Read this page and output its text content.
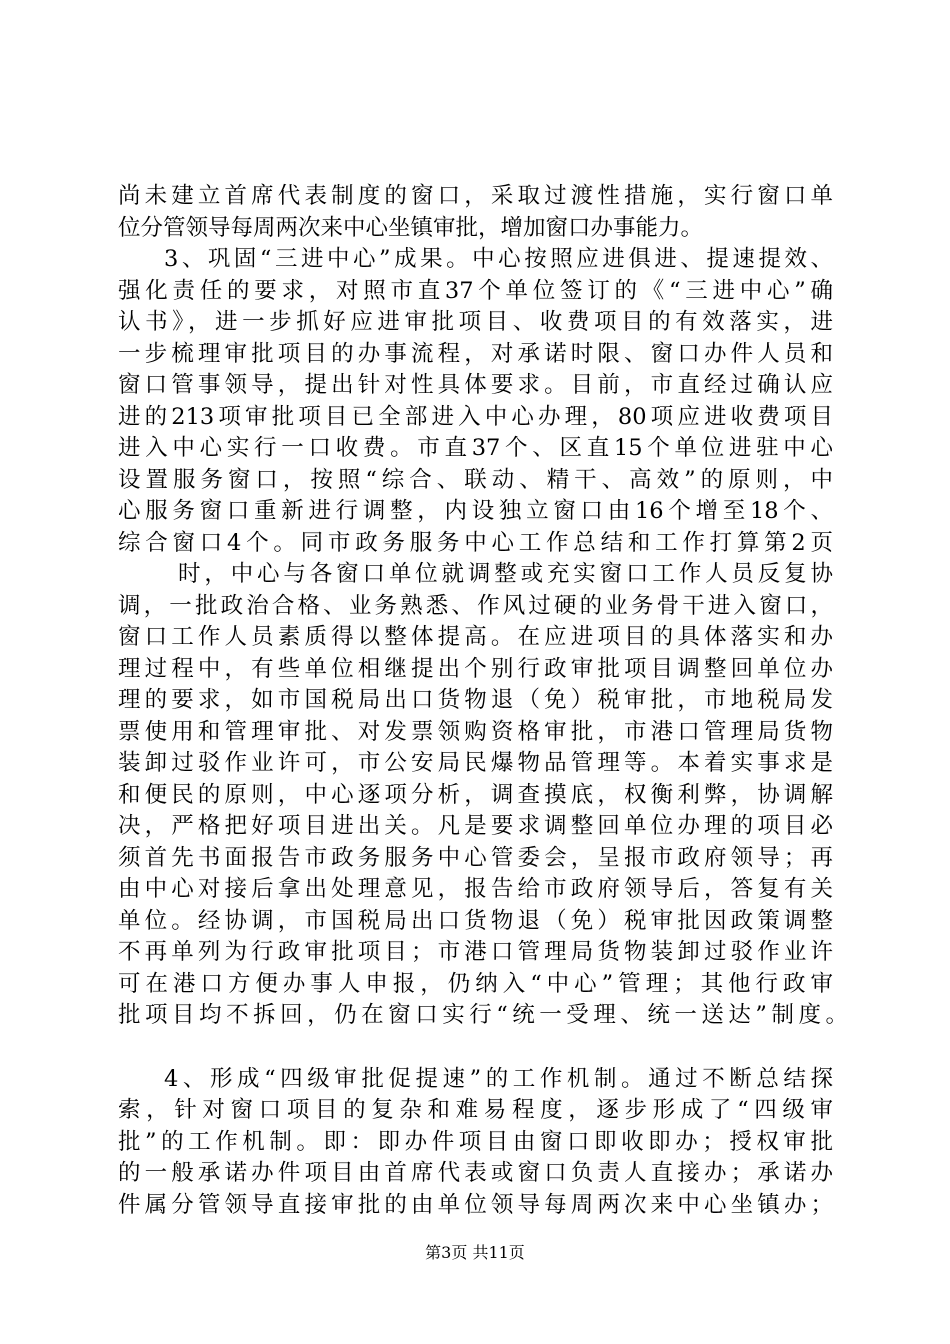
尚未建立首席代表制度的窗口，采取过渡性措施，实行窗口单
位分管领导每周两次来中心坐镇审批，增加窗口办事能力。
3、巩固“三进中心”成果。中心按照应进俱进、提速提效、
强化责任的要求，对照市直37个单位签订的《“三进中心”确
认书》，进一步抓好应进审批项目、收费项目的有效落实，进
一步梳理审批项目的办事流程，对承诺时限、窗口办件人员和
窗口管事领导，提出针对性具体要求。目前，市直经过确认应
进的213项审批项目已全部进入中心办理，80项应进收费项目
进入中心实行一口收费。市直37个、区直15个单位进驻中心
设置服务窗口，按照“综合、联动、精干、高效”的原则，中
心服务窗口重新进行调整，内设独立窗口由16个增至18个、
综合窗口4个。同市政务服务中心工作总结和工作打算第2页
时，中心与各窗口单位就调整或充实窗口工作人员反复协
调，一批政治合格、业务熟悉、作风过硬的业务骨干进入窗口，
窗口工作人员素质得以整体提高。在应进项目的具体落实和办
理过程中，有些单位相继提出个别行政审批项目调整回单位办
理的要求，如市国税局出口货物退（免）税审批，市地税局发
票使用和管理审批、对发票领购资格审批，市港口管理局货物
装卸过驳作业许可，市公安局民爆物品管理等。本着实事求是
和便民的原则，中心逐项分析，调查摸底，权衡利弊，协调解
决，严格把好项目进出关。凡是要求调整回单位办理的项目必
须首先书面报告市政务服务中心管委会，呈报市政府领导；再
由中心对接后拿出处理意见，报告给市政府领导后，答复有关
单位。经协调，市国税局出口货物退（免）税审批因政策调整
不再单列为行政审批项目；市港口管理局货物装卸过驳作业许
可在港口方便办事人申报，仍纳入“中心”管理；其他行政审
批项目均不拆回，仍在窗口实行“统一受理、统一送达”制度。
4、形成“四级审批促提速”的工作机制。通过不断总结探
索，针对窗口项目的复杂和难易程度，逐步形成了“四级审
批”的工作机制。即：即办件项目由窗口即收即办；授权审批
的一般承诺办件项目由首席代表或窗口负责人直接办；承诺办
件属分管领导直接审批的由单位领导每周两次来中心坐镇办；
第3页 共11页
